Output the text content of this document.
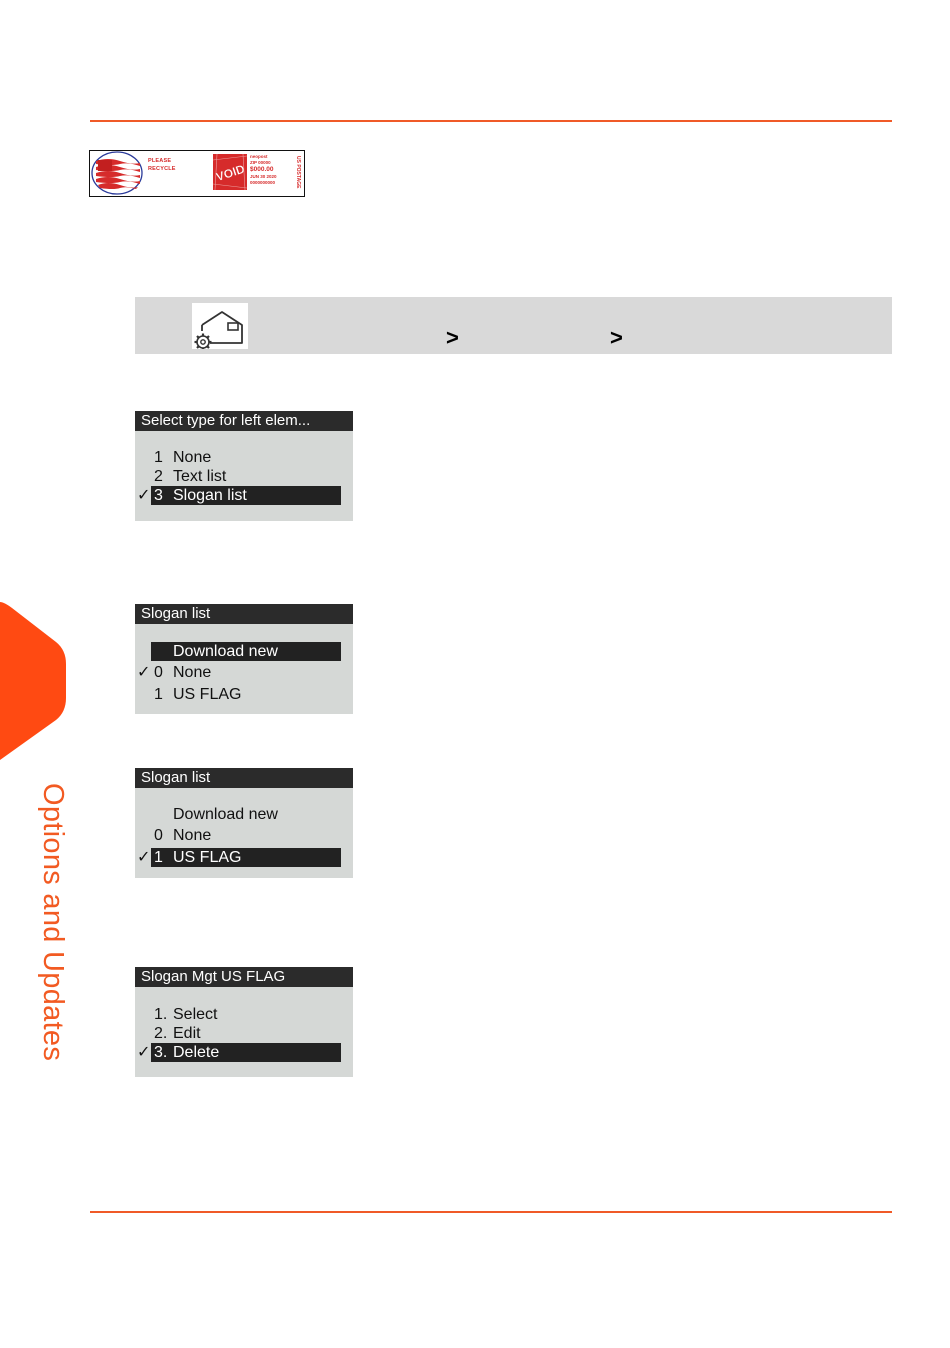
PLEASE
RECYCLE	VOID
neopost
ZIP 00000
$000.00
JUN 30 2020
0000000000	US POSTAGE
>	>
Select type for left elem...
1 None
2 Text list
✓ 3 Slogan list
Slogan list
Download new
✓ 0 None
1 US FLAG
Slogan list
Download new
0 None
✓ 1 US FLAG
Slogan Mgt US FLAG
1. Select
2. Edit
✓ 3. Delete
Options and Updates
